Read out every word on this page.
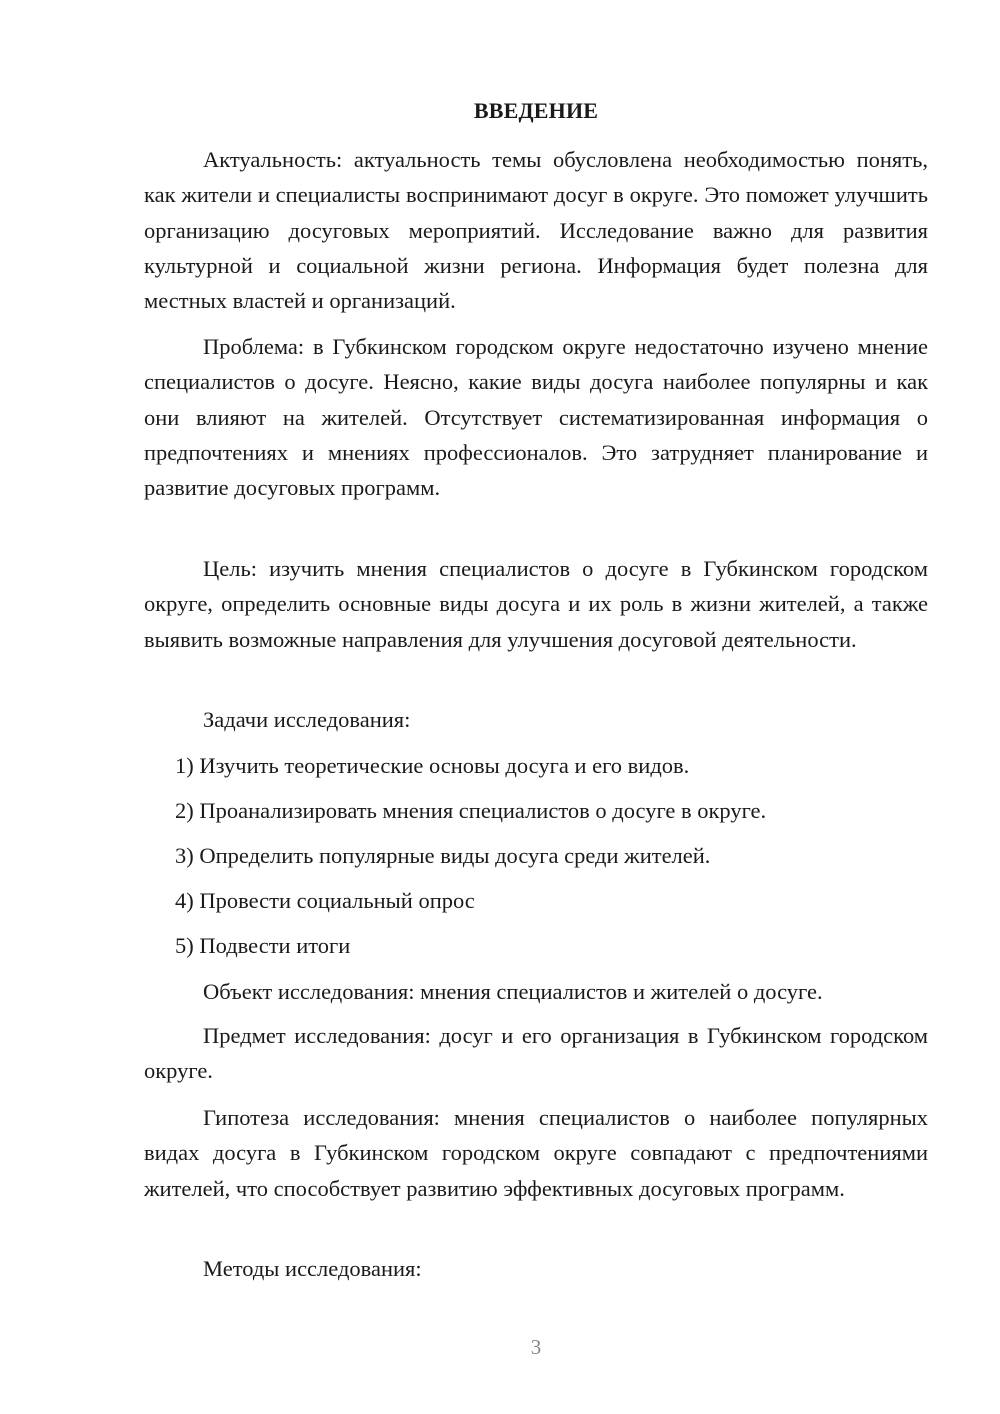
ВВЕДЕНИЕ

Актуальность: актуальность темы обусловлена необходимостью понять, как жители и специалисты воспринимают досуг в округе. Это поможет улучшить организацию досуговых мероприятий. Исследование важно для развития культурной и социальной жизни региона. Информация будет полезна для местных властей и организаций.

Проблема: в Губкинском городском округе недостаточно изучено мнение специалистов о досуге. Неясно, какие виды досуга наиболее популярны и как они влияют на жителей. Отсутствует систематизированная информация о предпочтениях и мнениях профессионалов. Это затрудняет планирование и развитие досуговых программ.

Цель: изучить мнения специалистов о досуге в Губкинском городском округе, определить основные виды досуга и их роль в жизни жителей, а также выявить возможные направления для улучшения досуговой деятельности.

Задачи исследования:

1) Изучить теоретические основы досуга и его видов.

2) Проанализировать мнения специалистов о досуге в округе.

3) Определить популярные виды досуга среди жителей.

4) Провести социальный опрос

5) Подвести итоги

Объект исследования: мнения специалистов и жителей о досуге.

Предмет исследования: досуг и его организация в Губкинском городском округе.

Гипотеза исследования: мнения специалистов о наиболее популярных видах досуга в Губкинском городском округе совпадают с предпочтениями жителей, что способствует развитию эффективных досуговых программ.

Методы исследования:

3
